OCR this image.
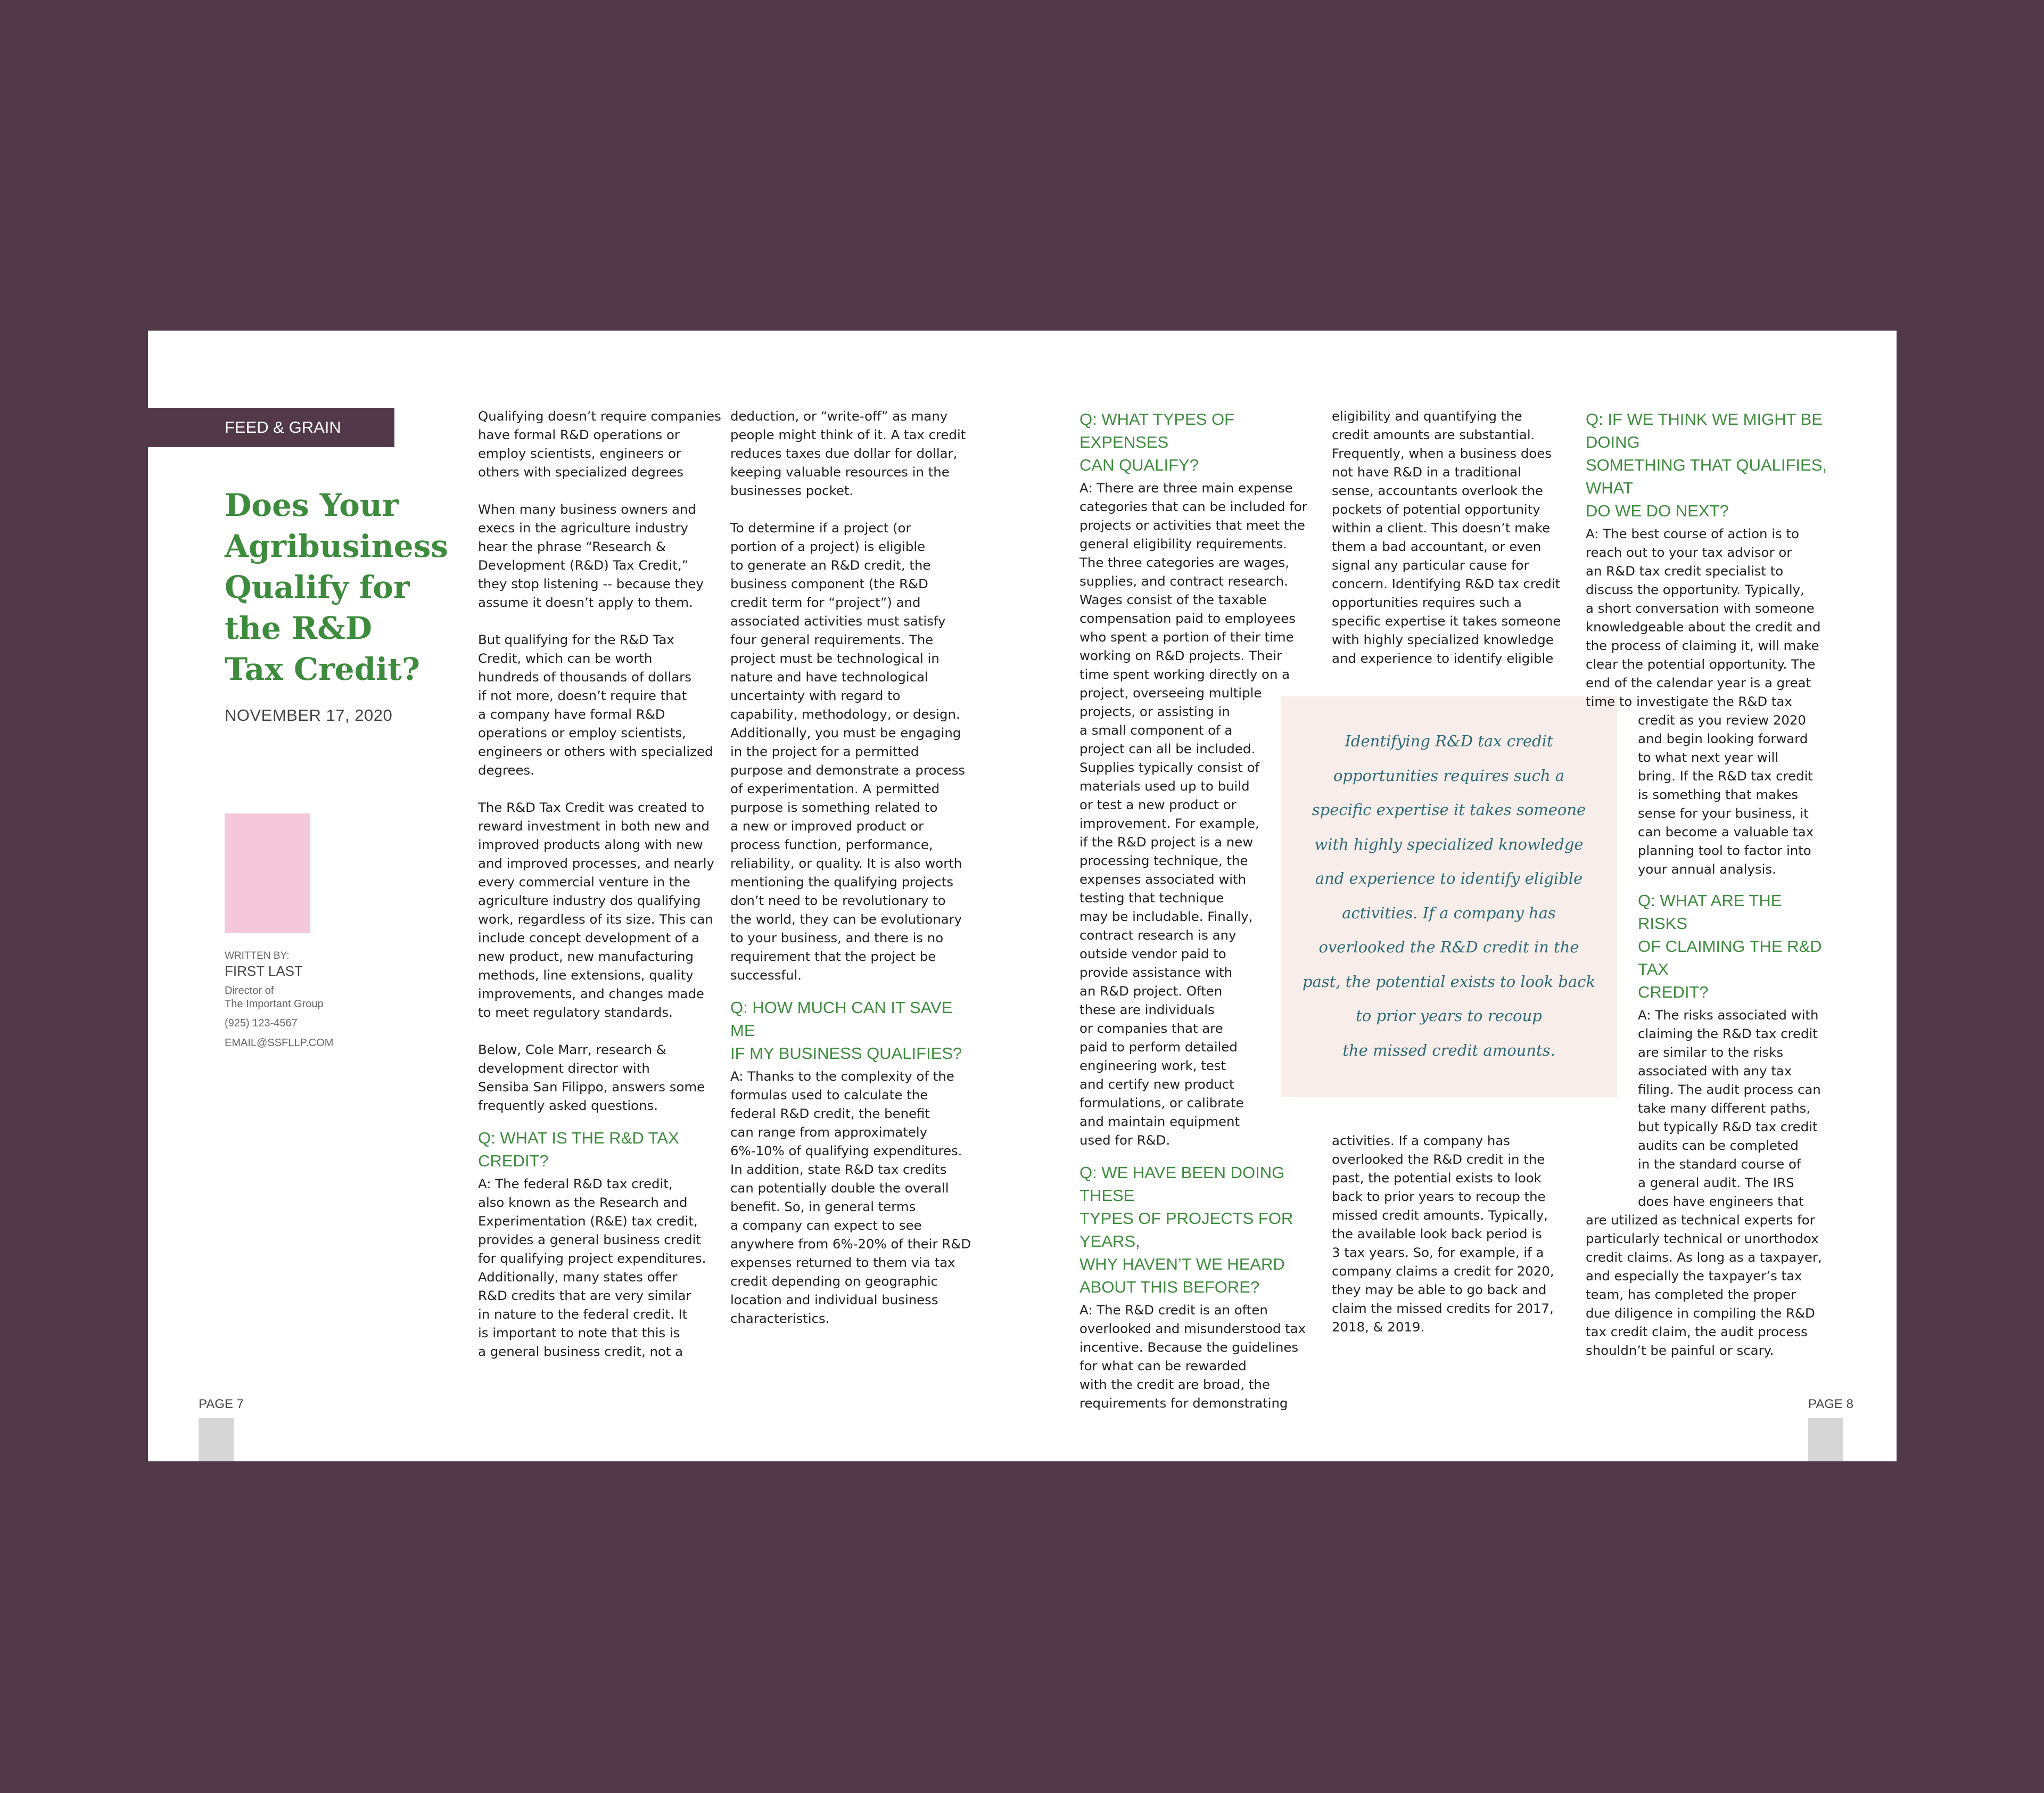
FEED & GRAIN
Does Your
Agribusiness
Qualify for
the R&D
Tax Credit?
NOVEMBER 17, 2020
WRITTEN BY:
FIRST LAST
Director of
The Important Group
(925) 123-4567
EMAIL@SSFLLP.COM

Qualifying doesn’t require companies
have formal R&D operations or
employ scientists, engineers or
others with specialized degrees

When many business owners and
execs in the agriculture industry
hear the phrase “Research &
Development (R&D) Tax Credit,”
they stop listening -- because they
assume it doesn’t apply to them.

But qualifying for the R&D Tax
Credit, which can be worth
hundreds of thousands of dollars
if not more, doesn’t require that
a company have formal R&D
operations or employ scientists,
engineers or others with specialized
degrees.

The R&D Tax Credit was created to
reward investment in both new and
improved products along with new
and improved processes, and nearly
every commercial venture in the
agriculture industry dos qualifying
work, regardless of its size. This can
include concept development of a
new product, new manufacturing
methods, line extensions, quality
improvements, and changes made
to meet regulatory standards.

Below, Cole Marr, research &
development director with
Sensiba San Filippo, answers some
frequently asked questions.

Q: WHAT IS THE R&D TAX CREDIT?

A: The federal R&D tax credit,
also known as the Research and
Experimentation (R&E) tax credit,
provides a general business credit
for qualifying project expenditures.
Additionally, many states offer
R&D credits that are very similar
in nature to the federal credit. It
is important to note that this is
a general business credit, not a

deduction, or “write-off” as many
people might think of it. A tax credit
reduces taxes due dollar for dollar,
keeping valuable resources in the
businesses pocket.

To determine if a project (or
portion of a project) is eligible
to generate an R&D credit, the
business component (the R&D
credit term for “project”) and
associated activities must satisfy
four general requirements. The
project must be technological in
nature and have technological
uncertainty with regard to
capability, methodology, or design.
Additionally, you must be engaging
in the project for a permitted
purpose and demonstrate a process
of experimentation. A permitted
purpose is something related to
a new or improved product or
process function, performance,
reliability, or quality. It is also worth
mentioning the qualifying projects
don’t need to be revolutionary to
the world, they can be evolutionary
to your business, and there is no
requirement that the project be
successful.

Q: HOW MUCH CAN IT SAVE ME
IF MY BUSINESS QUALIFIES?

A: Thanks to the complexity of the
formulas used to calculate the
federal R&D credit, the benefit
can range from approximately
6%-10% of qualifying expenditures.
In addition, state R&D tax credits
can potentially double the overall
benefit. So, in general terms
a company can expect to see
anywhere from 6%-20% of their R&D
expenses returned to them via tax
credit depending on geographic
location and individual business
characteristics.

Q: WHAT TYPES OF EXPENSES
CAN QUALIFY?

A: There are three main expense
categories that can be included for
projects or activities that meet the
general eligibility requirements.
The three categories are wages,
supplies, and contract research.
Wages consist of the taxable
compensation paid to employees
who spent a portion of their time
working on R&D projects. Their
time spent working directly on a
project, overseeing multiple
projects, or assisting in
a small component of a
project can all be included.
Supplies typically consist of
materials used up to build
or test a new product or
improvement. For example,
if the R&D project is a new
processing technique, the
expenses associated with
testing that technique
may be includable. Finally,
contract research is any
outside vendor paid to
provide assistance with
an R&D project. Often
these are individuals
or companies that are
paid to perform detailed
engineering work, test
and certify new product
formulations, or calibrate
and maintain equipment
used for R&D.

Q: WE HAVE BEEN DOING THESE
TYPES OF PROJECTS FOR YEARS,
WHY HAVEN’T WE HEARD
ABOUT THIS BEFORE?

A: The R&D credit is an often
overlooked and misunderstood tax
incentive. Because the guidelines
for what can be rewarded
with the credit are broad, the
requirements for demonstrating

eligibility and quantifying the
credit amounts are substantial.
Frequently, when a business does
not have R&D in a traditional
sense, accountants overlook the
pockets of potential opportunity
within a client. This doesn’t make
them a bad accountant, or even
signal any particular cause for
concern. Identifying R&D tax credit
opportunities requires such a
specific expertise it takes someone
with highly specialized knowledge
and experience to identify eligible

activities. If a company has
overlooked the R&D credit in the
past, the potential exists to look
back to prior years to recoup the
missed credit amounts. Typically,
the available look back period is
3 tax years. So, for example, if a
company claims a credit for 2020,
they may be able to go back and
claim the missed credits for 2017,
2018, & 2019.

Identifying R&D tax credit
opportunities requires such a
specific expertise it takes someone
with highly specialized knowledge
and experience to identify eligible
activities. If a company has
overlooked the R&D credit in the
past, the potential exists to look back
to prior years to recoup
the missed credit amounts.

Q: IF WE THINK WE MIGHT BE DOING
SOMETHING THAT QUALIFIES, WHAT
DO WE DO NEXT?

A: The best course of action is to
reach out to your tax advisor or
an R&D tax credit specialist to
discuss the opportunity. Typically,
a short conversation with someone
knowledgeable about the credit and
the process of claiming it, will make
clear the potential opportunity. The
end of the calendar year is a great
time to investigate the R&D tax

credit as you review 2020
and begin looking forward
to what next year will
bring. If the R&D tax credit
is something that makes
sense for your business, it
can become a valuable tax
planning tool to factor into
your annual analysis.

Q: WHAT ARE THE RISKS
OF CLAIMING THE R&D TAX
CREDIT?

A: The risks associated with
claiming the R&D tax credit
are similar to the risks
associated with any tax
filing. The audit process can
take many different paths,
but typically R&D tax credit
audits can be completed
in the standard course of
a general audit. The IRS
does have engineers that

are utilized as technical experts for
particularly technical or unorthodox
credit claims. As long as a taxpayer,
and especially the taxpayer’s tax
team, has completed the proper
due diligence in compiling the R&D
tax credit claim, the audit process
shouldn’t be painful or scary.

PAGE 7	PAGE 8
